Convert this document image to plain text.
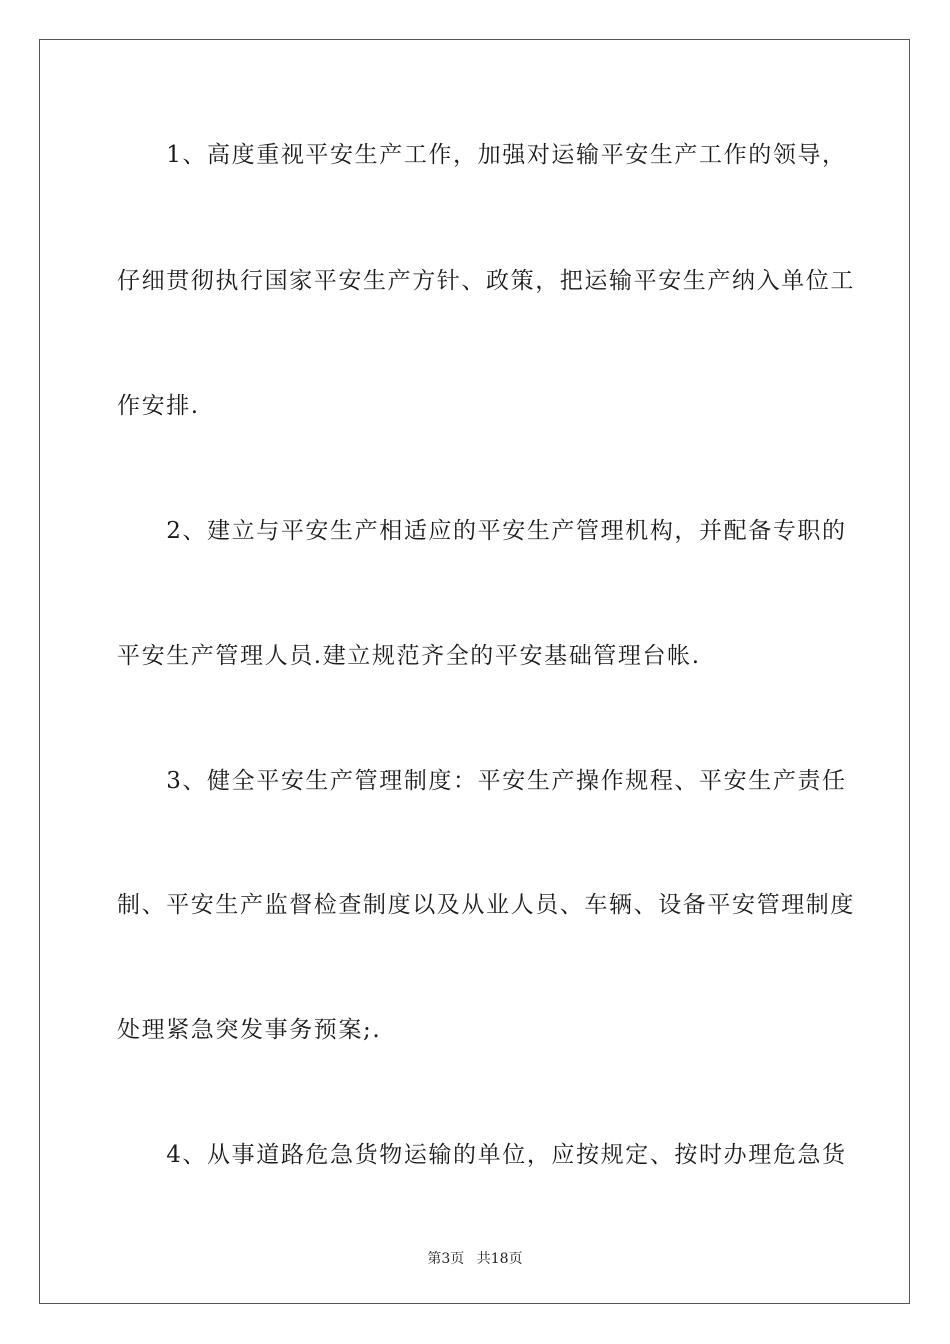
　　1、高度重视平安生产工作，加强对运输平安生产工作的领导，
仔细贯彻执行国家平安生产方针、政策，把运输平安生产纳入单位工
作安排.
　　2、建立与平安生产相适应的平安生产管理机构，并配备专职的
平安生产管理人员.建立规范齐全的平安基础管理台帐.
　　3、健全平安生产管理制度：平安生产操作规程、平安生产责任
制、平安生产监督检查制度以及从业人员、车辆、设备平安管理制度
处理紧急突发事务预案;.
　　4、从事道路危急货物运输的单位，应按规定、按时办理危急货
第3页 共18页
